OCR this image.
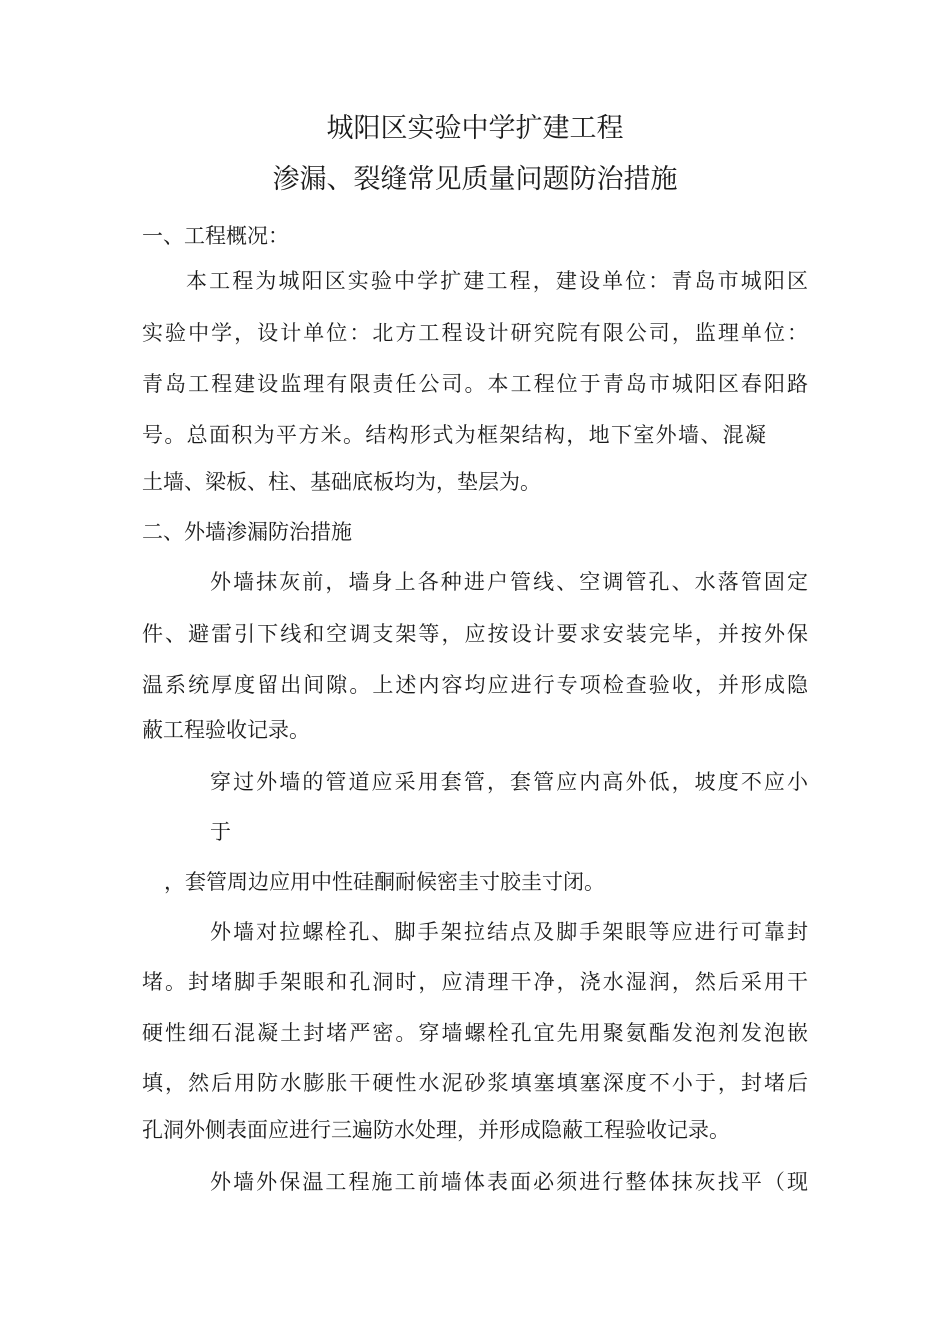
城阳区实验中学扩建工程
渗漏、裂缝常见质量问题防治措施
一、工程概况：
本工程为城阳区实验中学扩建工程，建设单位：青岛市城阳区
实验中学，设计单位：北方工程设计研究院有限公司，监理单位：
青岛工程建设监理有限责任公司。本工程位于青岛市城阳区春阳路
号。总面积为平方米。结构形式为框架结构，地下室外墙、混凝
土墙、梁板、柱、基础底板均为，垫层为。
二、外墙渗漏防治措施
外墙抹灰前，墙身上各种进户管线、空调管孔、水落管固定
件、避雷引下线和空调支架等，应按设计要求安装完毕，并按外保
温系统厚度留出间隙。上述内容均应进行专项检查验收，并形成隐
蔽工程验收记录。
穿过外墙的管道应采用套管，套管应内高外低，坡度不应小
于
，套管周边应用中性硅酮耐候密圭寸胶圭寸闭。
外墙对拉螺栓孔、脚手架拉结点及脚手架眼等应进行可靠封
堵。封堵脚手架眼和孔洞时，应清理干净，浇水湿润，然后采用干
硬性细石混凝土封堵严密。穿墙螺栓孔宜先用聚氨酯发泡剂发泡嵌
填，然后用防水膨胀干硬性水泥砂浆填塞填塞深度不小于，封堵后
孔洞外侧表面应进行三遍防水处理，并形成隐蔽工程验收记录。
外墙外保温工程施工前墙体表面必须进行整体抹灰找平（现
